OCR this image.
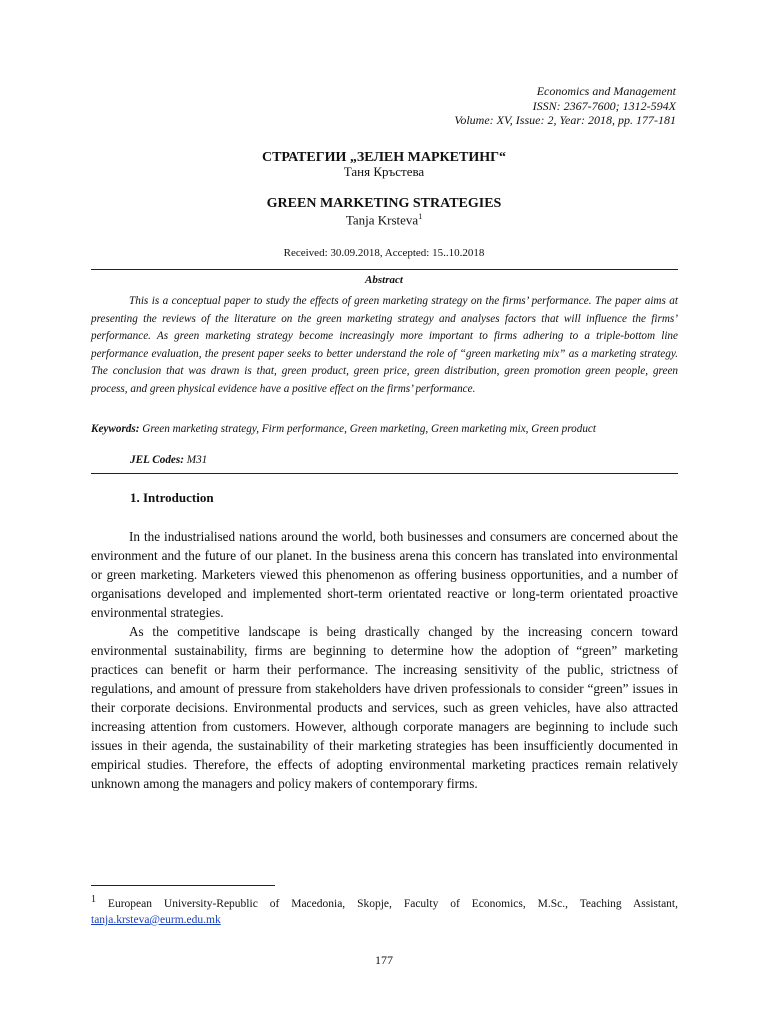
Economics and Management
ISSN: 2367-7600; 1312-594X
Volume: XV, Issue: 2, Year: 2018, pp. 177-181
СТРАТЕГИИ „ЗЕЛЕН МАРКЕТИНГ“
Таня Кръстева
GREEN MARKETING STRATEGIES
Tanja Krsteva$^1$
Received: 30.09.2018, Accepted: 15..10.2018
Abstract

This is a conceptual paper to study the effects of green marketing strategy on the firms’ performance. The paper aims at presenting the reviews of the literature on the green marketing strategy and analyses factors that will influence the firms’ performance. As green marketing strategy become increasingly more important to firms adhering to a triple-bottom line performance evaluation, the present paper seeks to better understand the role of “green marketing mix” as a marketing strategy. The conclusion that was drawn is that, green product, green price, green distribution, green promotion green people, green process, and green physical evidence have a positive effect on the firms’ performance.

Keywords: Green marketing strategy, Firm performance, Green marketing, Green marketing mix, Green product

JEL Codes: M31
1. Introduction

In the industrialised nations around the world, both businesses and consumers are concerned about the environment and the future of our planet. In the business arena this concern has translated into environmental or green marketing. Marketers viewed this phenomenon as offering business opportunities, and a number of organisations developed and implemented short-term orientated reactive or long-term orientated proactive environmental strategies.

As the competitive landscape is being drastically changed by the increasing concern toward environmental sustainability, firms are beginning to determine how the adoption of “green” marketing practices can benefit or harm their performance. The increasing sensitivity of the public, strictness of regulations, and amount of pressure from stakeholders have driven professionals to consider “green” issues in their corporate decisions. Environmental products and services, such as green vehicles, have also attracted increasing attention from customers. However, although corporate managers are beginning to include such issues in their agenda, the sustainability of their marketing strategies has been insufficiently documented in empirical studies. Therefore, the effects of adopting environmental marketing practices remain relatively unknown among the managers and policy makers of contemporary firms.

$^1$ European University-Republic of Macedonia, Skopje, Faculty of Economics, M.Sc., Teaching Assistant, tanja.krsteva@eurm.edu.mk

177
